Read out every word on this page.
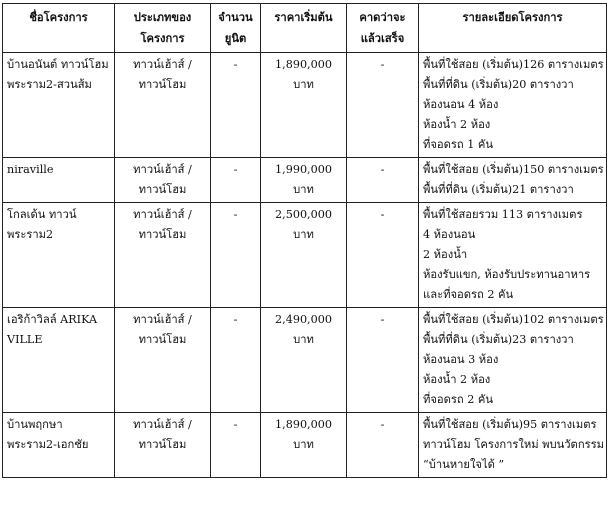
ชื่อโครงการ	ประเภทของโครงการ	จำนวนยูนิต	ราคาเริ่มต้น	คาดว่าจะแล้วเสร็จ	รายละเอียดโครงการ
บ้านอนันต์ ทาวน์โฮม พระราม2-สวนส้ม	ทาวน์เฮ้าส์ / ทาวน์โฮม	-	1,890,000 บาท	-	พื้นที่ใช้สอย (เริ่มต้น)126 ตารางเมตร
พื้นที่ที่ดิน (เริ่มต้น)20 ตารางวา
ห้องนอน 4 ห้อง
ห้องน้ำ 2 ห้อง
ที่จอดรถ 1 คัน

niraville	ทาวน์เฮ้าส์ / ทาวน์โฮม	-	1,990,000 บาท	-	พื้นที่ใช้สอย (เริ่มต้น)150 ตารางเมตร
พื้นที่ที่ดิน (เริ่มต้น)21 ตารางวา

โกลเด้น ทาวน์ พระราม2	ทาวน์เฮ้าส์ / ทาวน์โฮม	-	2,500,000 บาท	-	พื้นที่ใช้สอยรวม 113 ตารางเมตร
4 ห้องนอน
2 ห้องน้ำ
ห้องรับแขก, ห้องรับประทานอาหาร
และที่จอดรถ 2 คัน

เอริก้าวิลล์ ARIKA VILLE	ทาวน์เฮ้าส์ / ทาวน์โฮม	-	2,490,000 บาท	-	พื้นที่ใช้สอย (เริ่มต้น)102 ตารางเมตร
พื้นที่ที่ดิน (เริ่มต้น)23 ตารางวา
ห้องนอน 3 ห้อง
ห้องน้ำ 2 ห้อง
ที่จอดรถ 2 คัน

บ้านพฤกษา พระราม2-เอกชัย	ทาวน์เฮ้าส์ / ทาวน์โฮม	-	1,890,000 บาท	-	พื้นที่ใช้สอย (เริ่มต้น)95 ตารางเมตร
ทาวน์โฮม โครงการใหม่ พบนวัตกรรม
“บ้านหายใจได้ ”
